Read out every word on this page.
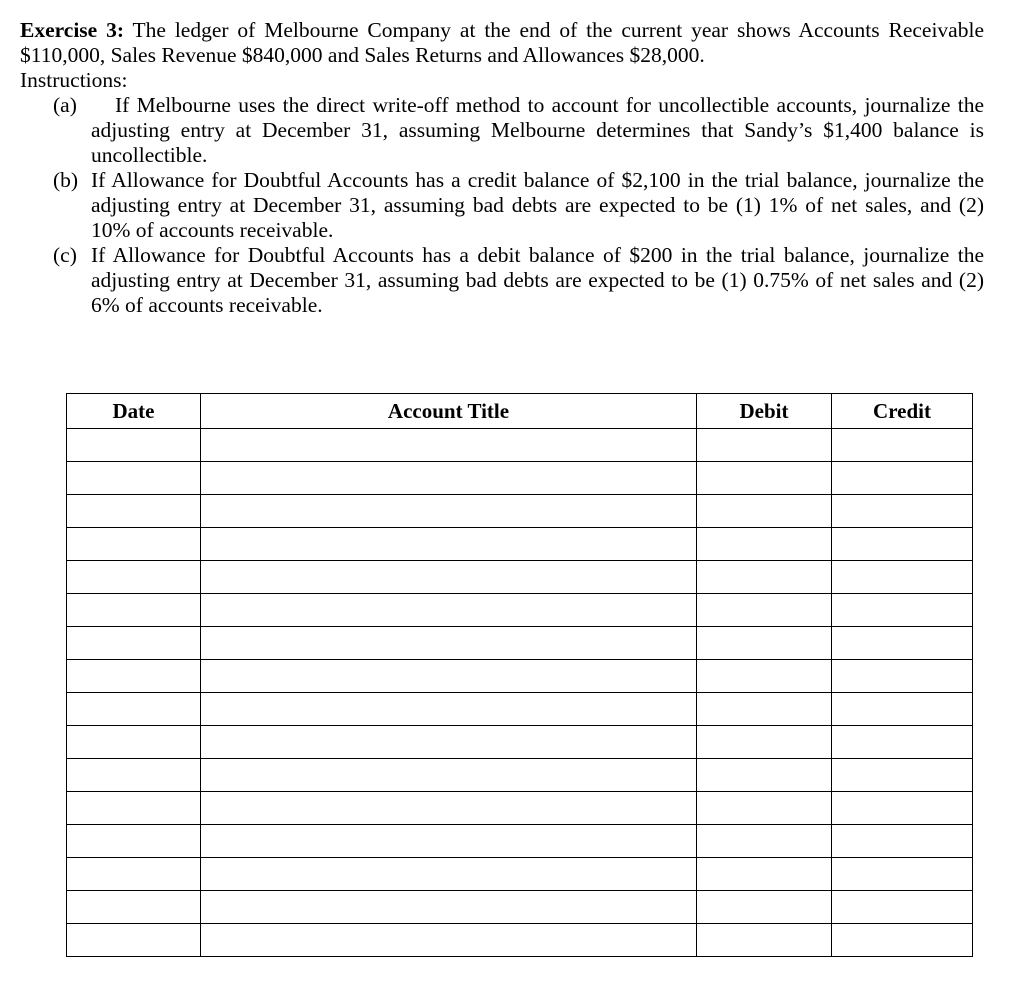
Exercise 3: The ledger of Melbourne Company at the end of the current year shows Accounts Receivable $110,000, Sales Revenue $840,000 and Sales Returns and Allowances $28,000.
Instructions:
(a)	If Melbourne uses the direct write-off method to account for uncollectible accounts, journalize the adjusting entry at December 31, assuming Melbourne determines that Sandy’s $1,400 balance is uncollectible.
(b) If Allowance for Doubtful Accounts has a credit balance of $2,100 in the trial balance, journalize the adjusting entry at December 31, assuming bad debts are expected to be (1) 1% of net sales, and (2) 10% of accounts receivable.
(c) If Allowance for Doubtful Accounts has a debit balance of $200 in the trial balance, journalize the adjusting entry at December 31, assuming bad debts are expected to be (1) 0.75% of net sales and (2) 6% of accounts receivable.
Date	Account Title	Debit	Credit
